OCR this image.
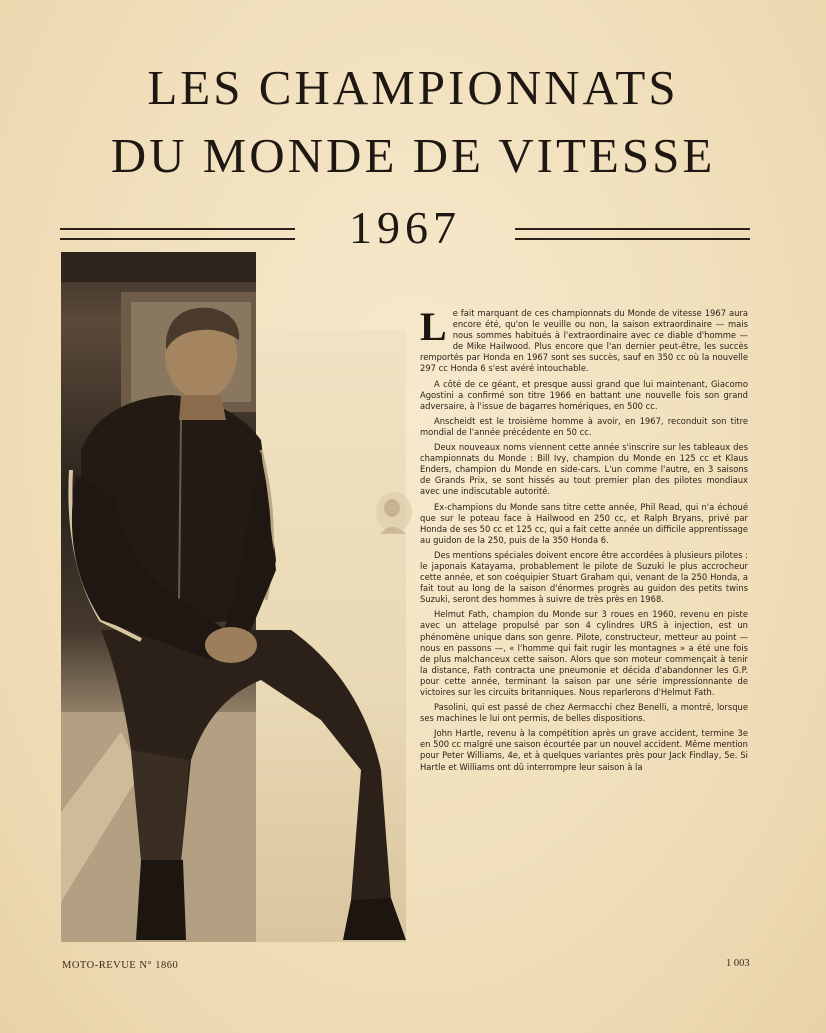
LES CHAMPIONNATS
DU MONDE DE VITESSE
1967

Le fait marquant de ces championnats du Monde de vitesse 1967 aura encore été, qu'on le veuille ou non, la saison extraordinaire — mais nous sommes habitués à l'extraordinaire avec ce diable d'homme — de Mike Hailwood. Plus encore que l'an dernier peut-être, les succès remportés par Honda en 1967 sont ses succès, sauf en 350 cc où la nouvelle 297 cc Honda 6 s'est avéré intouchable.

A côté de ce géant, et presque aussi grand que lui maintenant, Giacomo Agostini a confirmé son titre 1966 en battant une nouvelle fois son grand adversaire, à l'issue de bagarres homériques, en 500 cc.

Anscheidt est le troisième homme à avoir, en 1967, reconduit son titre mondial de l'année précédente en 50 cc.

Deux nouveaux noms viennent cette année s'inscrire sur les tableaux des championnats du Monde : Bill Ivy, champion du Monde en 125 cc et Klaus Enders, champion du Monde en side-cars. L'un comme l'autre, en 3 saisons de Grands Prix, se sont hissés au tout premier plan des pilotes mondiaux avec une indiscutable autorité.

Ex-champions du Monde sans titre cette année, Phil Read, qui n'a échoué que sur le poteau face à Hailwood en 250 cc, et Ralph Bryans, privé par Honda de ses 50 cc et 125 cc, qui a fait cette année un difficile apprentissage au guidon de la 250, puis de la 350 Honda 6.

Des mentions spéciales doivent encore être accordées à plusieurs pilotes : le japonais Katayama, probablement le pilote de Suzuki le plus accrocheur cette année, et son coéquipier Stuart Graham qui, venant de la 250 Honda, a fait tout au long de la saison d'énormes progrès au guidon des petits twins Suzuki, seront des hommes à suivre de très près en 1968.

Helmut Fath, champion du Monde sur 3 roues en 1960, revenu en piste avec un attelage propulsé par son 4 cylindres URS à injection, est un phénomène unique dans son genre. Pilote, constructeur, metteur au point — nous en passons —, « l'homme qui fait rugir les montagnes » a été une fois de plus malchanceux cette saison. Alors que son moteur commençait à tenir la distance, Fath contracta une pneumonie et décida d'abandonner les G.P. pour cette année, terminant la saison par une série impressionnante de victoires sur les circuits britanniques. Nous reparlerons d'Helmut Fath.

Pasolini, qui est passé de chez Aermacchi chez Benelli, a montré, lorsque ses machines le lui ont permis, de belles dispositions.

John Hartle, revenu à la compétition après un grave accident, termine 3e en 500 cc malgré une saison écourtée par un nouvel accident. Même mention pour Peter Williams, 4e, et à quelques variantes près pour Jack Findlay, 5e. Si Hartle et Williams ont dû interrompre leur saison à la

MOTO-REVUE N° 1860	1 003
